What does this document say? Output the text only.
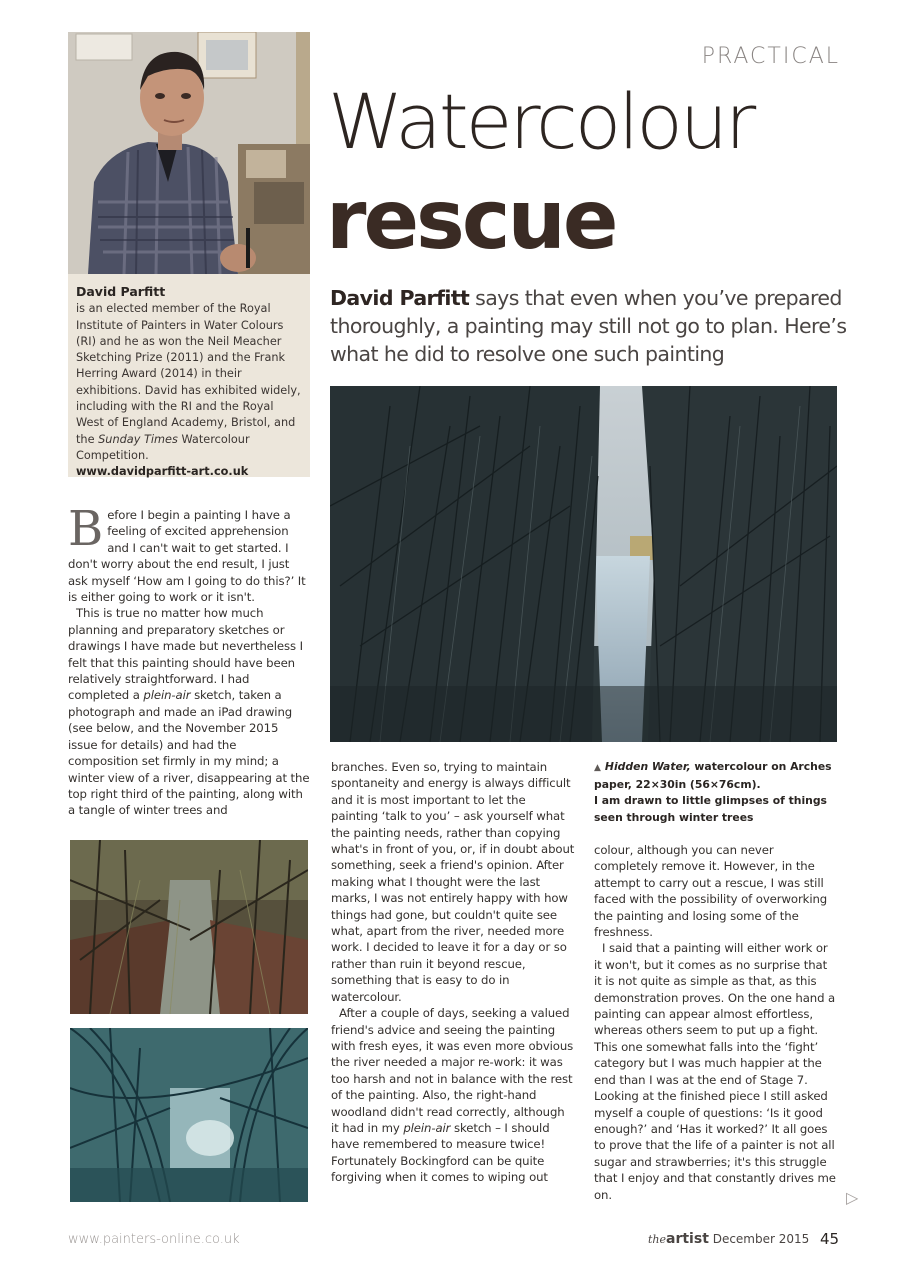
PRACTICAL
Watercolour
rescue
David Parfitt says that even when you’ve prepared thoroughly, a painting may still not go to plan. Here’s what he did to resolve one such painting
David Parfitt
is an elected member of the Royal Institute of Painters in Water Colours (RI) and he as won the Neil Meacher Sketching Prize (2011) and the Frank Herring Award (2014) in their exhibitions. David has exhibited widely, including with the RI and the Royal West of England Academy, Bristol, and the Sunday Times Watercolour Competition.
www.davidparfitt-art.co.uk

Before I begin a painting I have a feeling of excited apprehension and I can't wait to get started. I don't worry about the end result, I just ask myself ‘How am I going to do this?’ It is either going to work or it isn't.

This is true no matter how much planning and preparatory sketches or drawings I have made but nevertheless I felt that this painting should have been relatively straightforward. I had completed a plein-air sketch, taken a photograph and made an iPad drawing (see below, and the November 2015 issue for details) and had the composition set firmly in my mind; a winter view of a river, disappearing at the top right third of the painting, along with a tangle of winter trees and

▲ Hidden Water, watercolour on Arches paper, 22×30in (56×76cm).
I am drawn to little glimpses of things seen through winter trees

branches. Even so, trying to maintain spontaneity and energy is always difficult and it is most important to let the painting ‘talk to you’ – ask yourself what the painting needs, rather than copying what's in front of you, or, if in doubt about something, seek a friend's opinion. After making what I thought were the last marks, I was not entirely happy with how things had gone, but couldn't quite see what, apart from the river, needed more work. I decided to leave it for a day or so rather than ruin it beyond rescue, something that is easy to do in watercolour.

After a couple of days, seeking a valued friend's advice and seeing the painting with fresh eyes, it was even more obvious the river needed a major re-work: it was too harsh and not in balance with the rest of the painting. Also, the right-hand woodland didn't read correctly, although it had in my plein-air sketch – I should have remembered to measure twice! Fortunately Bockingford can be quite forgiving when it comes to wiping out

colour, although you can never completely remove it. However, in the attempt to carry out a rescue, I was still faced with the possibility of overworking the painting and losing some of the freshness.

I said that a painting will either work or it won't, but it comes as no surprise that it is not quite as simple as that, as this demonstration proves. On the one hand a painting can appear almost effortless, whereas others seem to put up a fight. This one somewhat falls into the ‘fight’ category but I was much happier at the end than I was at the end of Stage 7. Looking at the finished piece I still asked myself a couple of questions: ‘Is it good enough?’ and ‘Has it worked?’ It all goes to prove that the life of a painter is not all sugar and strawberries; it's this struggle that I enjoy and that constantly drives me on.	▷
www.painters-online.co.uk	theartist December 2015 45
